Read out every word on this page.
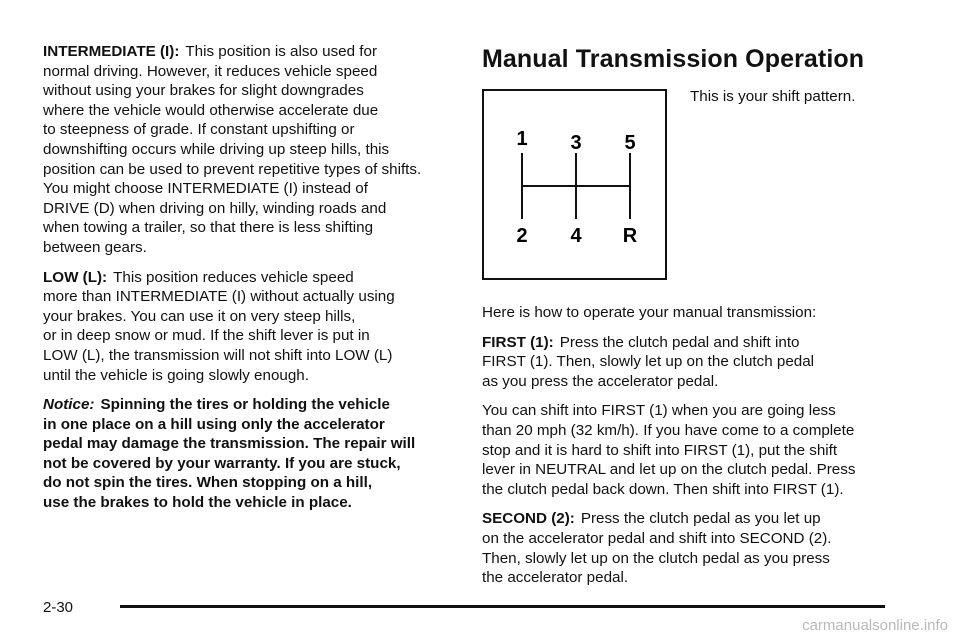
INTERMEDIATE (I): This position is also used for
normal driving. However, it reduces vehicle speed
without using your brakes for slight downgrades
where the vehicle would otherwise accelerate due
to steepness of grade. If constant upshifting or
downshifting occurs while driving up steep hills, this
position can be used to prevent repetitive types of shifts.
You might choose INTERMEDIATE (I) instead of
DRIVE (D) when driving on hilly, winding roads and
when towing a trailer, so that there is less shifting
between gears.

LOW (L): This position reduces vehicle speed
more than INTERMEDIATE (I) without actually using
your brakes. You can use it on very steep hills,
or in deep snow or mud. If the shift lever is put in
LOW (L), the transmission will not shift into LOW (L)
until the vehicle is going slowly enough.

Notice: Spinning the tires or holding the vehicle
in one place on a hill using only the accelerator
pedal may damage the transmission. The repair will
not be covered by your warranty. If you are stuck,
do not spin the tires. When stopping on a hill,
use the brakes to hold the vehicle in place.

Manual Transmission Operation
1 3 5
2 4 R

This is your shift pattern.

Here is how to operate your manual transmission:

FIRST (1): Press the clutch pedal and shift into
FIRST (1). Then, slowly let up on the clutch pedal
as you press the accelerator pedal.

You can shift into FIRST (1) when you are going less
than 20 mph (32 km/h). If you have come to a complete
stop and it is hard to shift into FIRST (1), put the shift
lever in NEUTRAL and let up on the clutch pedal. Press
the clutch pedal back down. Then shift into FIRST (1).

SECOND (2): Press the clutch pedal as you let up
on the accelerator pedal and shift into SECOND (2).
Then, slowly let up on the clutch pedal as you press
the accelerator pedal.

2-30
carmanualsonline.info
